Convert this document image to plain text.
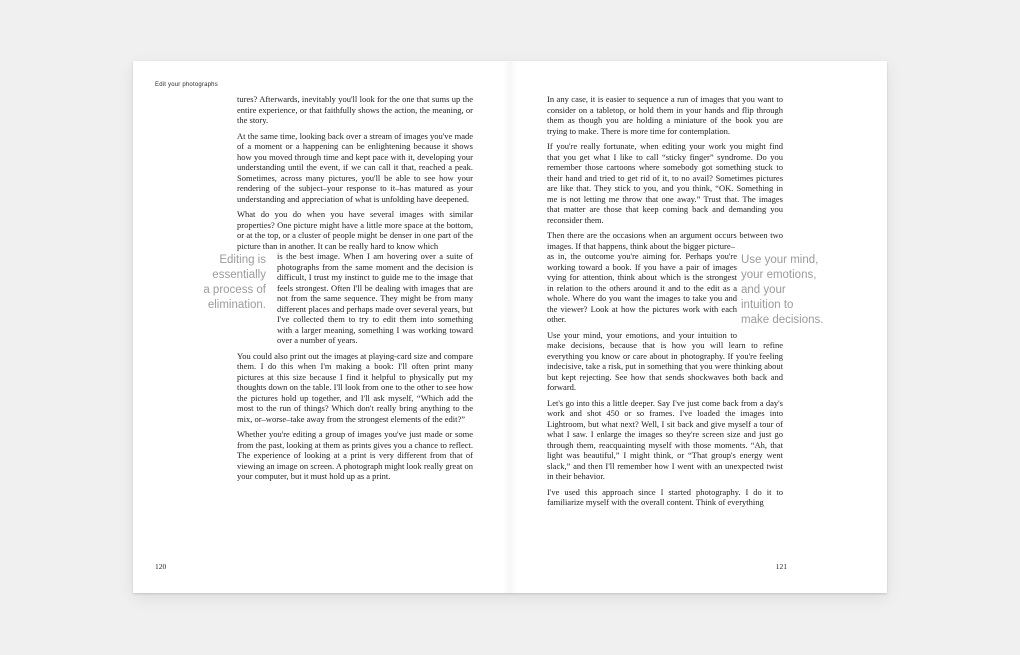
Edit your photographs

tures? Afterwards, inevitably you'll look for the one that sums up the entire experience, or that faithfully shows the action, the meaning, or the story.

At the same time, looking back over a stream of images you've made of a moment or a happening can be enlightening because it shows how you moved through time and kept pace with it, developing your understanding until the event, if we can call it that, reached a peak. Sometimes, across many pictures, you'll be able to see how your rendering of the subject–your response to it–has matured as your understanding and appreciation of what is unfolding have deepened.

What do you do when you have several images with similar properties? One picture might have a little more space at the bottom, or at the top, or a cluster of people might be denser in one part of the picture than in another. It can be really hard to know which

Editing is
essentially
a process of
elimination.

is the best image. When I am hovering over a suite of photographs from the same moment and the decision is difficult, I trust my instinct to guide me to the image that feels strongest. Often I'll be dealing with images that are not from the same sequence. They might be from many different places and perhaps made over several years, but I've collected them to try to edit them into something with a larger meaning, something I was working toward over a number of years.

You could also print out the images at playing-card size and compare them. I do this when I'm making a book: I'll often print many pictures at this size because I find it helpful to physically put my thoughts down on the table. I'll look from one to the other to see how the pictures hold up together, and I'll ask myself, “Which add the most to the run of things? Which don't really bring anything to the mix, or–worse–take away from the strongest elements of the edit?”

Whether you're editing a group of images you've just made or some from the past, looking at them as prints gives you a chance to reflect. The experience of looking at a print is very different from that of viewing an image on screen. A photograph might look really great on your computer, but it must hold up as a print.

120

In any case, it is easier to sequence a run of images that you want to consider on a tabletop, or hold them in your hands and flip through them as though you are holding a miniature of the book you are trying to make. There is more time for contemplation.

If you're really fortunate, when editing your work you might find that you get what I like to call “sticky finger” syndrome. Do you remember those cartoons where somebody got something stuck to their hand and tried to get rid of it, to no avail? Sometimes pictures are like that. They stick to you, and you think, “OK. Something in me is not letting me throw that one away.” Trust that. The images that matter are those that keep coming back and demanding you reconsider them.

Then there are the occasions when an argument occurs between two images. If that happens, think about the bigger picture–

Use your mind,
your emotions,
and your
intuition to
make decisions.

as in, the outcome you're aiming for. Perhaps you're working toward a book. If you have a pair of images vying for attention, think about which is the strongest in relation to the others around it and to the edit as a whole. Where do you want the images to take you and the viewer? Look at how the pictures work with each other.

Use your mind, your emotions, and your intuition to make decisions, because that is how you will learn to refine everything you know or care about in photography. If you're feeling indecisive, take a risk, put in something that you were thinking about but kept rejecting. See how that sends shockwaves both back and forward.

Let's go into this a little deeper. Say I've just come back from a day's work and shot 450 or so frames. I've loaded the images into Lightroom, but what next? Well, I sit back and give myself a tour of what I saw. I enlarge the images so they're screen size and just go through them, reacquainting myself with those moments. “Ah, that light was beautiful,” I might think, or “That group's energy went slack,” and then I'll remember how I went with an unexpected twist in their behavior.

I've used this approach since I started photography. I do it to familiarize myself with the overall content. Think of everything

121
